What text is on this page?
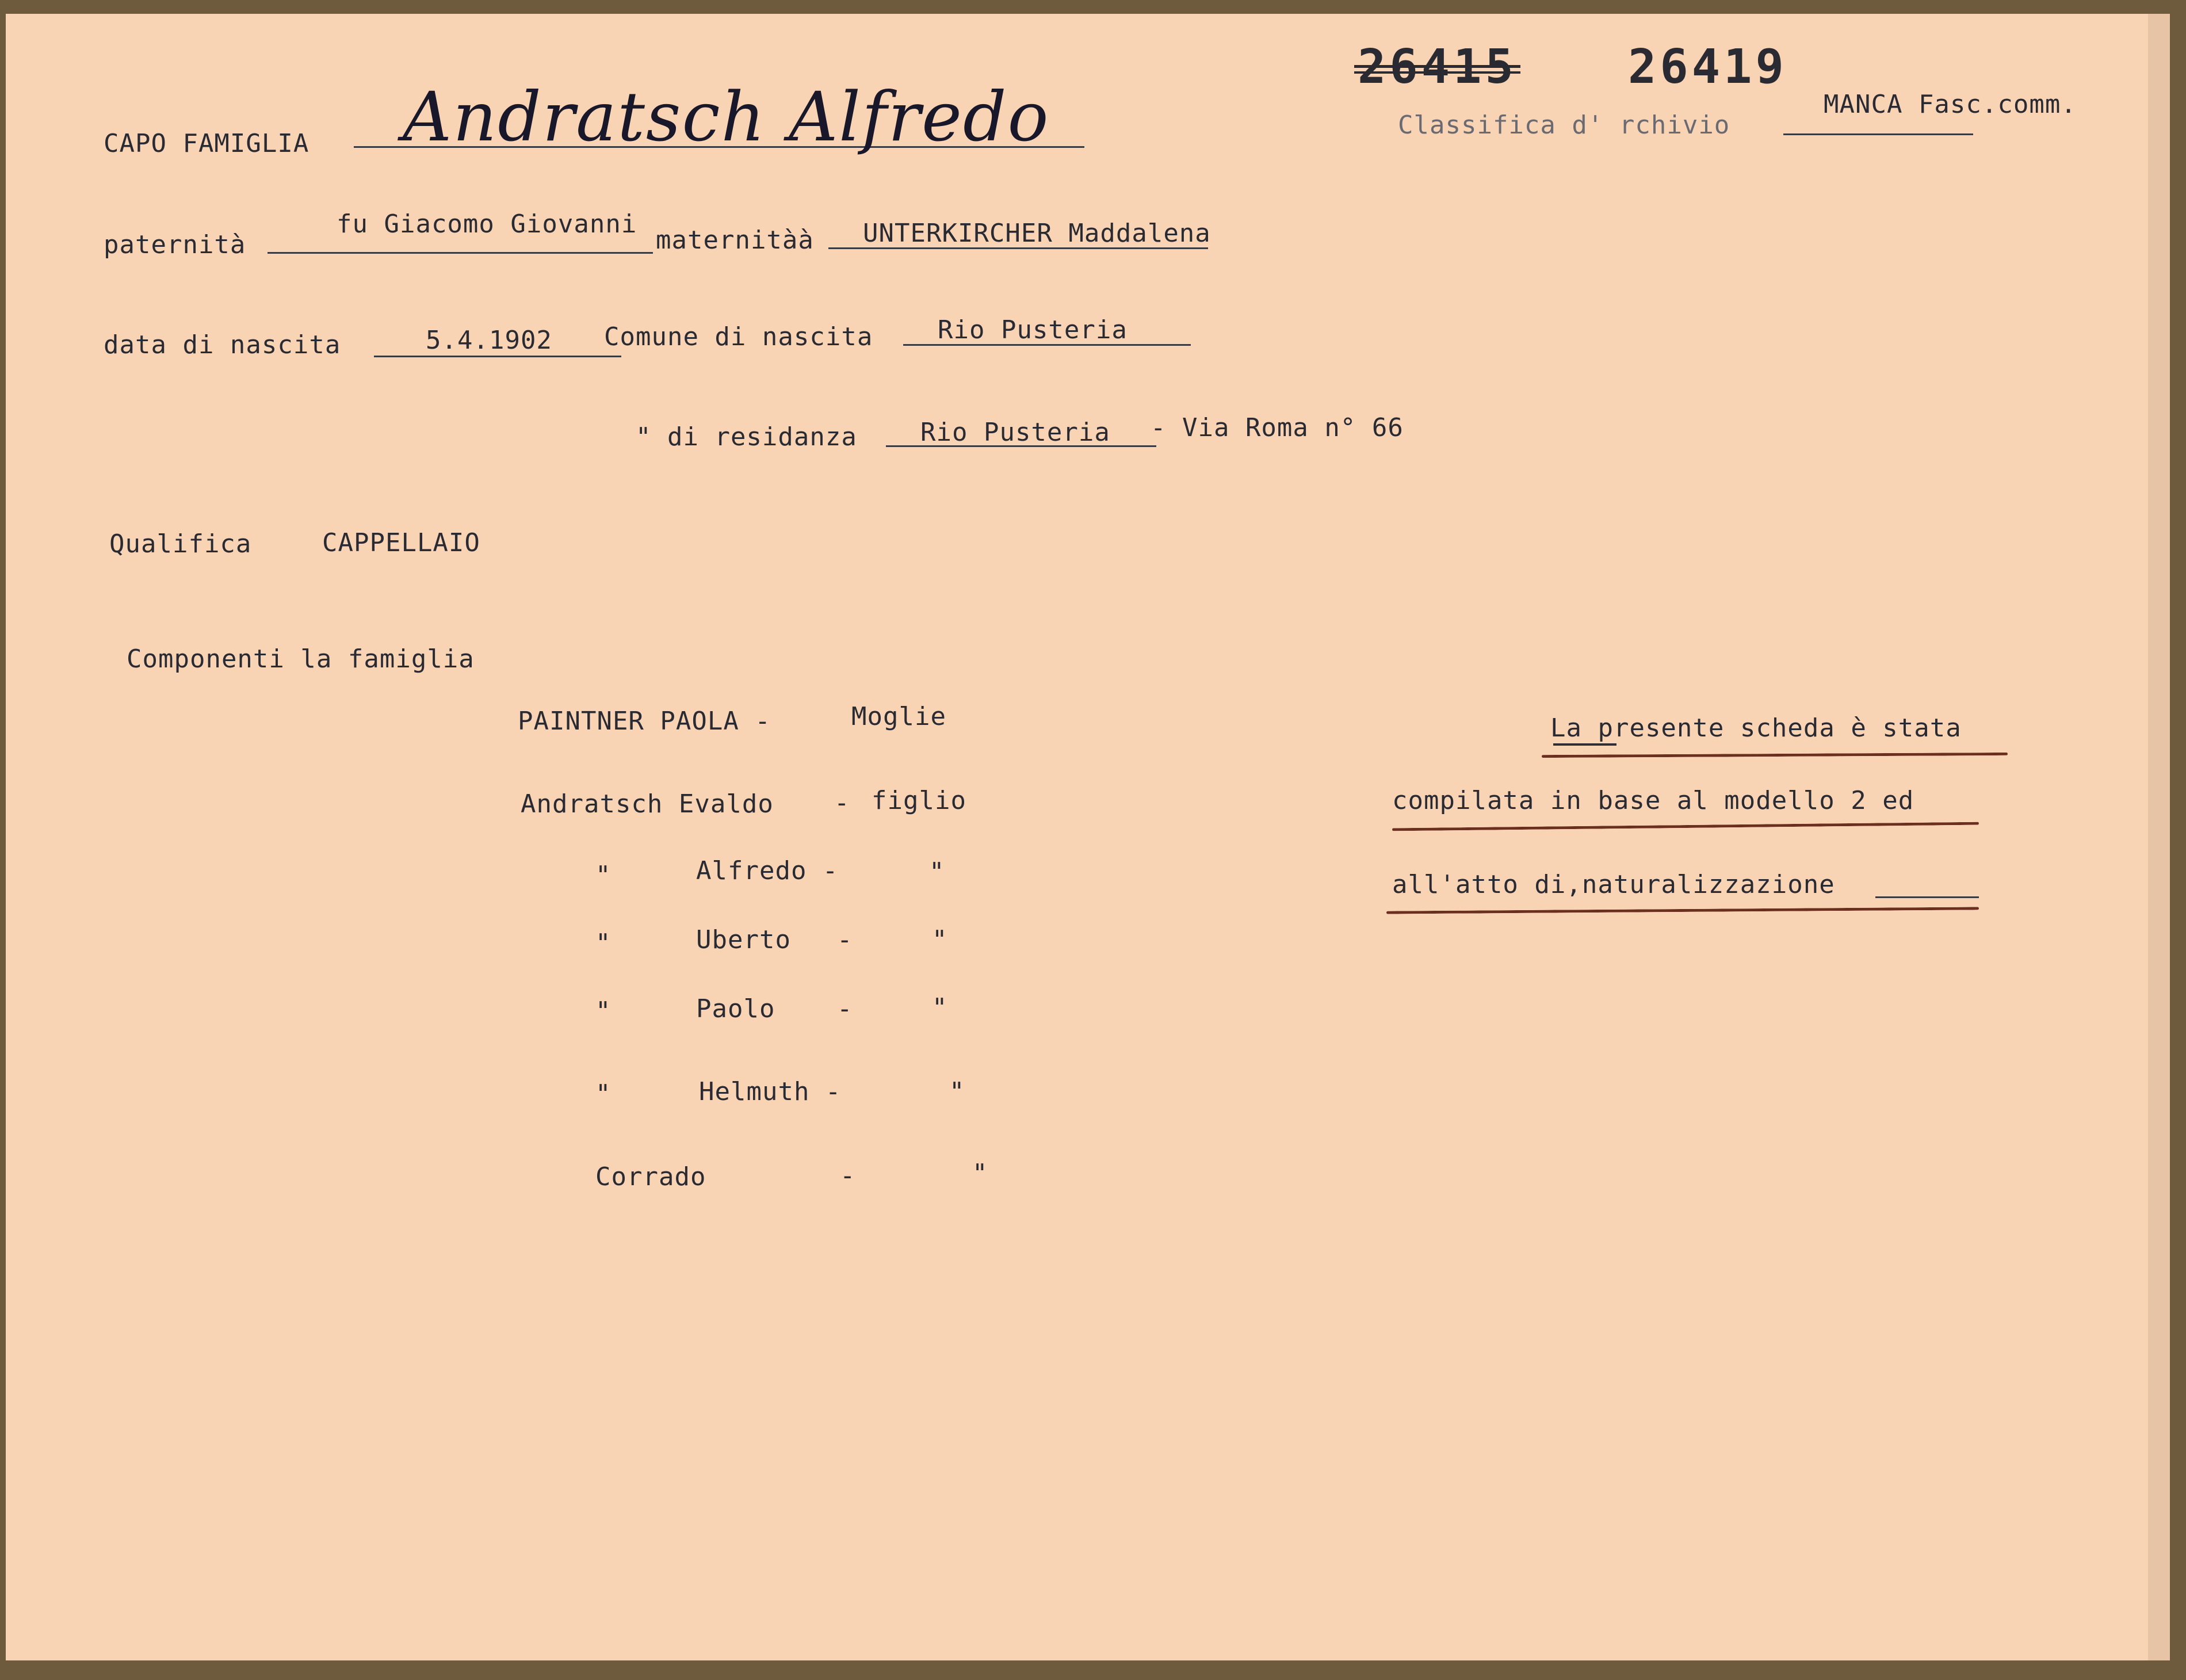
CAPO FAMIGLIA Andratsch Alfredo
26415 26419
Classifica d' rchivio
MANCA Fasc.comm.
paternità
fu Giacomo Giovanni
maternitàà UNTERKIRCHER Maddalena
data di nascita	5.4.1902 Comune di nascita	Rio Pusteria
" di residanza	Rio Pusteria - Via Roma n° 66
Qualifica	CAPPELLAIO
Componenti la famiglia
PAINTNER PAOLA -	Moglie
Andratsch Evaldo - figlio
"	Alfredo -	"
"	Uberto -	"
"	Paolo -	"
"	Helmuth -	"
Corrado	-	"
La presente scheda è stata
compilata in base al modello 2 ed
all'atto di,naturalizzazione
